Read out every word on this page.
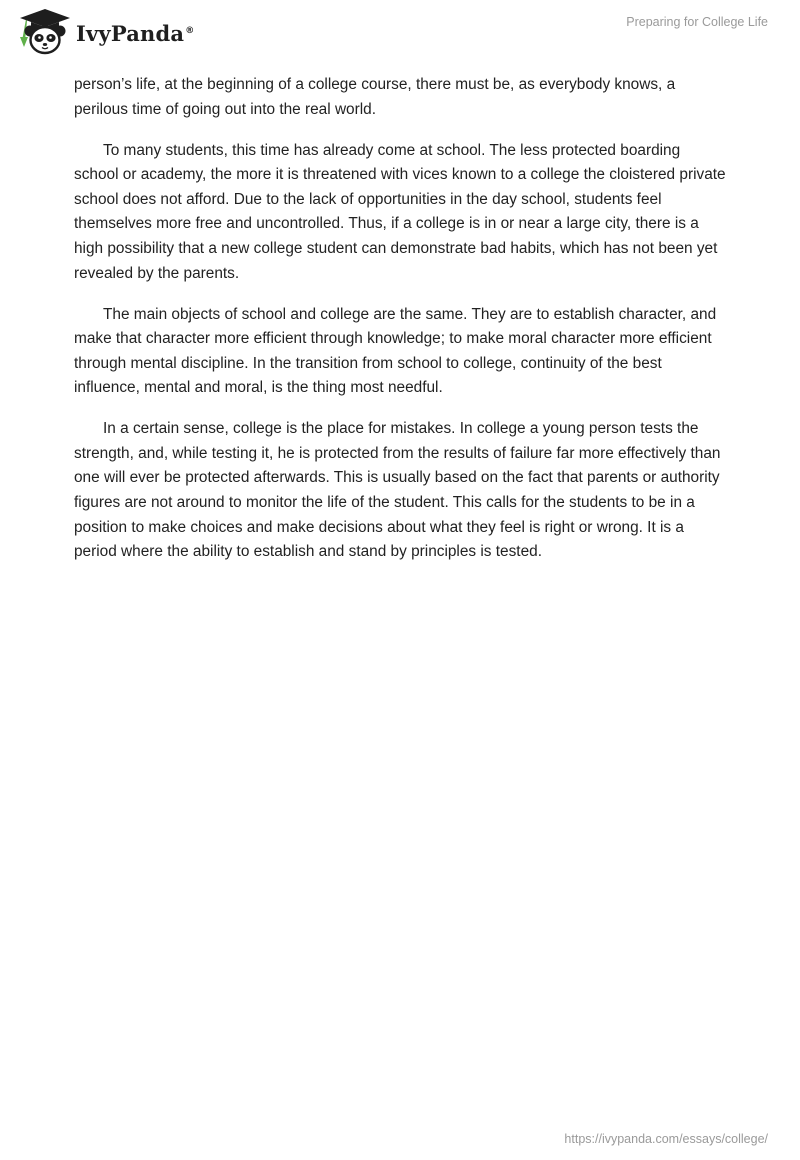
IvyPanda®
Preparing for College Life

person’s life, at the beginning of a college course, there must be, as everybody knows, a perilous time of going out into the real world.

To many students, this time has already come at school. The less protected boarding school or academy, the more it is threatened with vices known to a college the cloistered private school does not afford. Due to the lack of opportunities in the day school, students feel themselves more free and uncontrolled. Thus, if a college is in or near a large city, there is a high possibility that a new college student can demonstrate bad habits, which has not been yet revealed by the parents.

The main objects of school and college are the same. They are to establish character, and make that character more efficient through knowledge; to make moral character more efficient through mental discipline. In the transition from school to college, continuity of the best influence, mental and moral, is the thing most needful.

In a certain sense, college is the place for mistakes. In college a young person tests the strength, and, while testing it, he is protected from the results of failure far more effectively than one will ever be protected afterwards. This is usually based on the fact that parents or authority figures are not around to monitor the life of the student. This calls for the students to be in a position to make choices and make decisions about what they feel is right or wrong. It is a period where the ability to establish and stand by principles is tested.

https://ivypanda.com/essays/college/
